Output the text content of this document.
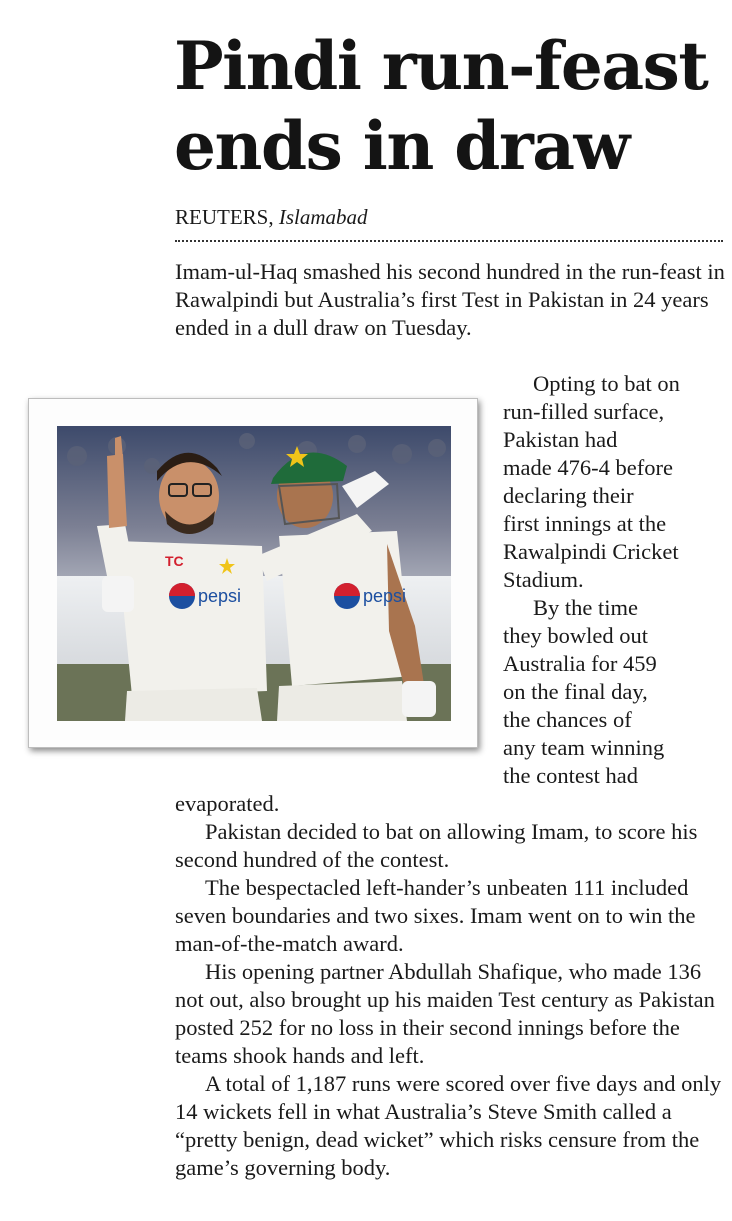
Pindi run-feast
ends in draw
REUTERS, Islamabad

Imam-ul-Haq smashed his second hundred in the run-feast in Rawalpindi but Australia’s first Test in Pakistan in 24 years ended in a dull draw on Tuesday.

pepsi
TC
pepsi

Opting to bat on
run-filled surface,
Pakistan had
made 476-4 before
declaring their
first innings at the
Rawalpindi Cricket
Stadium.

By the time
they bowled out
Australia for 459
on the final day,
the chances of
any team winning
the contest had

evaporated.

Pakistan decided to bat on allowing Imam, to score his second hundred of the contest.

The bespectacled left-hander’s unbeaten 111 included seven boundaries and two sixes. Imam went on to win the man-of-the-match award.

His opening partner Abdullah Shafique, who made 136 not out, also brought up his maiden Test century as Pakistan posted 252 for no loss in their second innings before the teams shook hands and left.

A total of 1,187 runs were scored over five days and only 14 wickets fell in what Australia’s Steve Smith called a “pretty benign, dead wicket” which risks censure from the game’s governing body.
